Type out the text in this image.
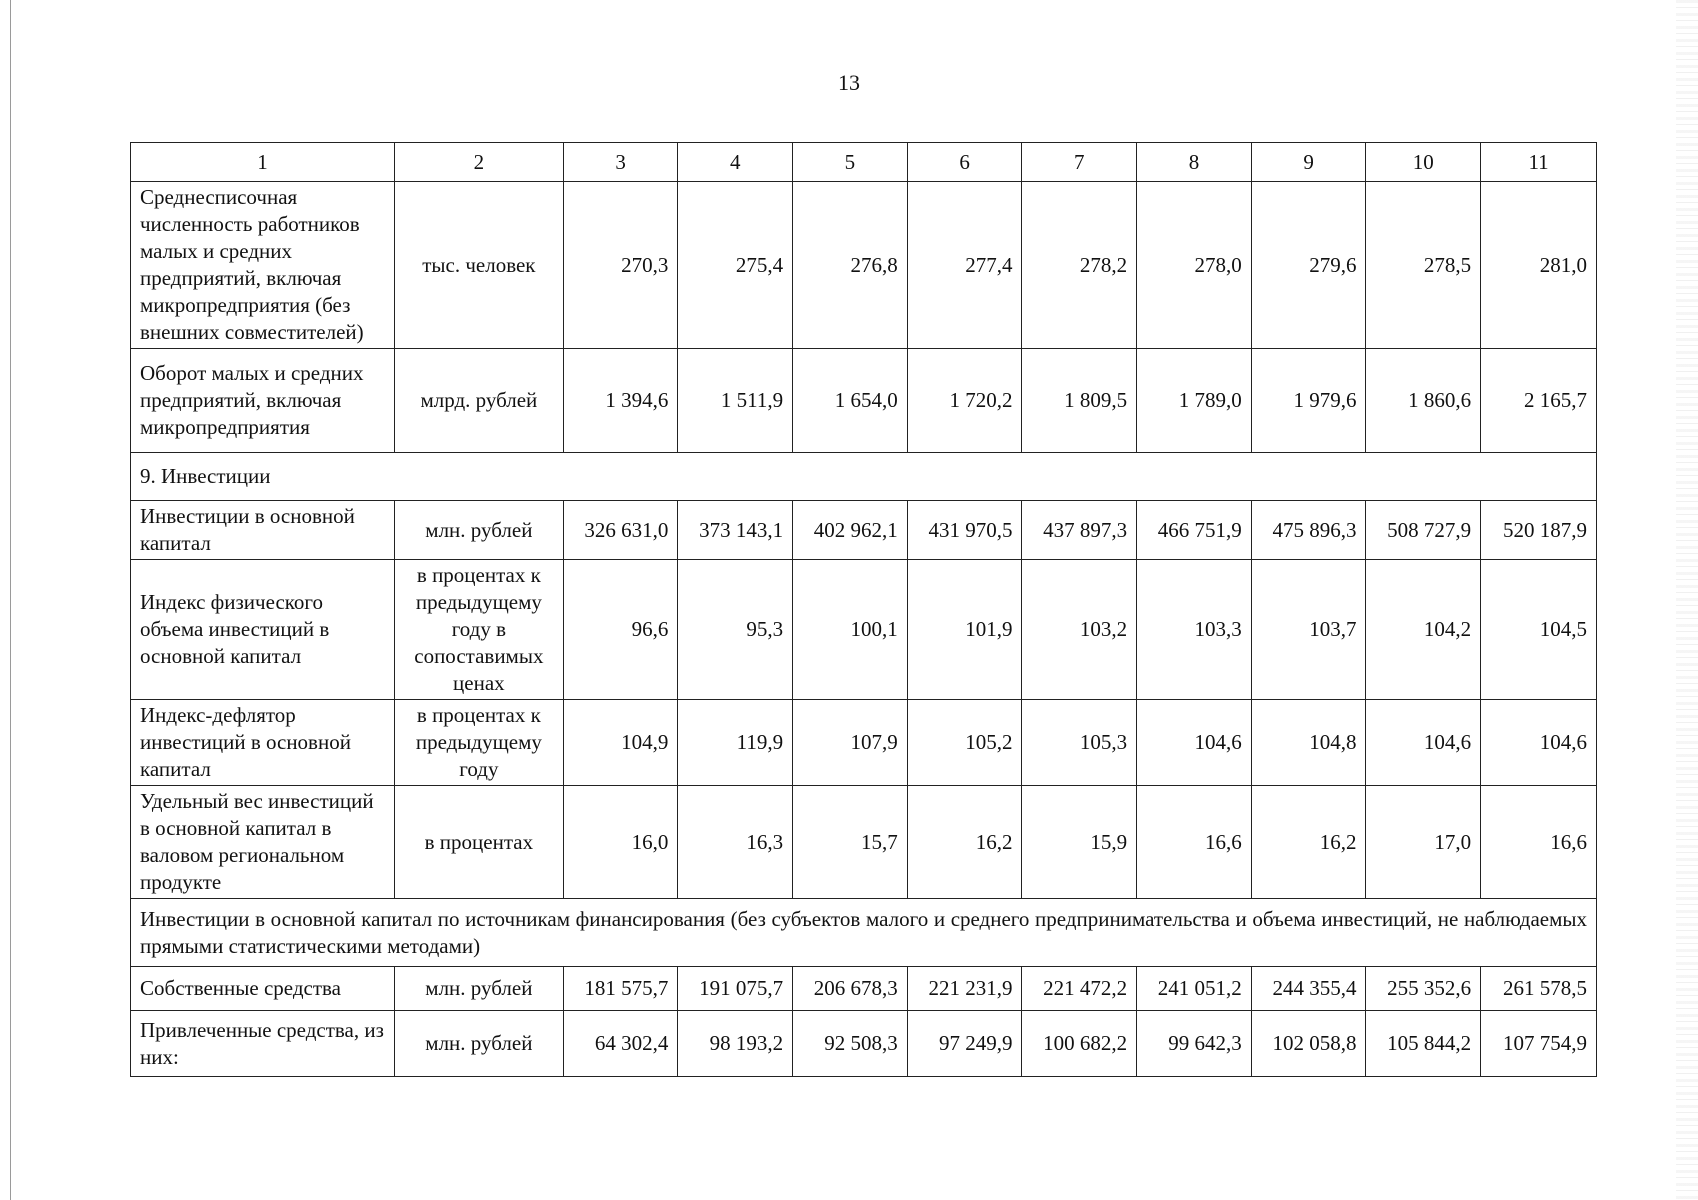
13
1	2	3	4	5	6	7	8	9	10	11
Среднесписочная численность работников малых и средних предприятий, включая микропредприятия (без внешних совместителей)	тыс. человек	270,3	275,4	276,8	277,4	278,2	278,0	279,6	278,5	281,0
Оборот малых и средних предприятий, включая микропредприятия	млрд. рублей	1 394,6	1 511,9	1 654,0	1 720,2	1 809,5	1 789,0	1 979,6	1 860,6	2 165,7
9. Инвестиции										
Инвестиции в основной капитал	млн. рублей	326 631,0	373 143,1	402 962,1	431 970,5	437 897,3	466 751,9	475 896,3	508 727,9	520 187,9
Индекс физического объема инвестиций в основной капитал	в процентах к предыдущему году в сопоставимых ценах	96,6	95,3	100,1	101,9	103,2	103,3	103,7	104,2	104,5
Индекс-дефлятор инвестиций в основной капитал	в процентах к предыдущему году	104,9	119,9	107,9	105,2	105,3	104,6	104,8	104,6	104,6
Удельный вес инвестиций в основной капитал в валовом региональном продукте	в процентах	16,0	16,3	15,7	16,2	15,9	16,6	16,2	17,0	16,6
Инвестиции в основной капитал по источникам финансирования (без субъектов малого и среднего предпринимательства и объема инвестиций, не наблюдаемых прямыми статистическими методами)										
Собственные средства	млн. рублей	181 575,7	191 075,7	206 678,3	221 231,9	221 472,2	241 051,2	244 355,4	255 352,6	261 578,5
Привлеченные средства, из них:	млн. рублей	64 302,4	98 193,2	92 508,3	97 249,9	100 682,2	99 642,3	102 058,8	105 844,2	107 754,9
